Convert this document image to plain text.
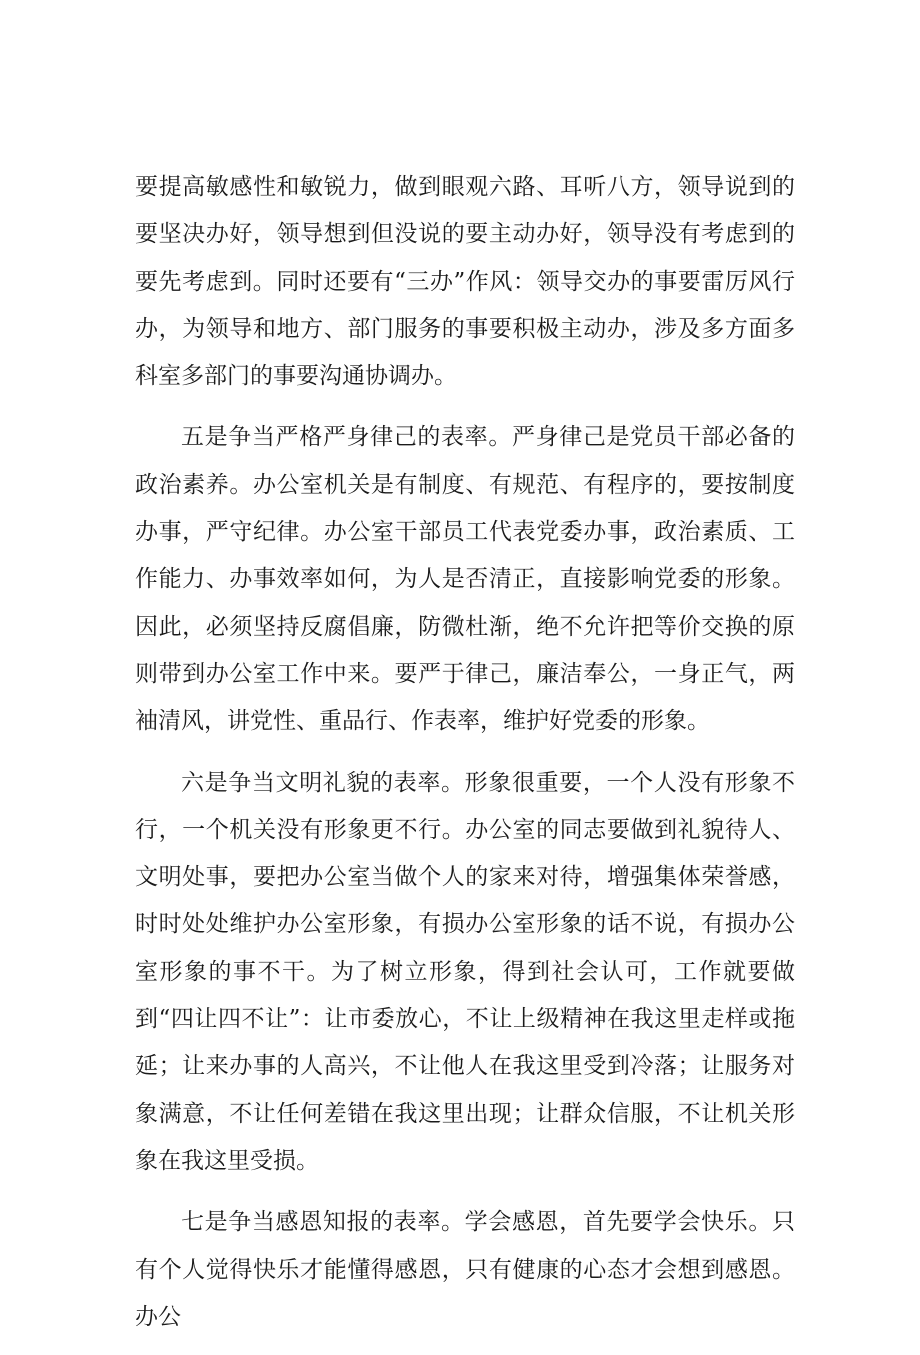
要提高敏感性和敏锐力，做到眼观六路、耳听八方，领导说到的要坚决办好，领导想到但没说的要主动办好，领导没有考虑到的要先考虑到。同时还要有“三办”作风：领导交办的事要雷厉风行办，为领导和地方、部门服务的事要积极主动办，涉及多方面多科室多部门的事要沟通协调办。

五是争当严格严身律己的表率。严身律己是党员干部必备的政治素养。办公室机关是有制度、有规范、有程序的，要按制度办事，严守纪律。办公室干部员工代表党委办事，政治素质、工作能力、办事效率如何，为人是否清正，直接影响党委的形象。因此，必须坚持反腐倡廉，防微杜渐，绝不允许把等价交换的原则带到办公室工作中来。要严于律己，廉洁奉公，一身正气，两袖清风，讲党性、重品行、作表率，维护好党委的形象。

六是争当文明礼貌的表率。形象很重要，一个人没有形象不行，一个机关没有形象更不行。办公室的同志要做到礼貌待人、文明处事，要把办公室当做个人的家来对待，增强集体荣誉感，时时处处维护办公室形象，有损办公室形象的话不说，有损办公室形象的事不干。为了树立形象，得到社会认可，工作就要做到“四让四不让”：让市委放心，不让上级精神在我这里走样或拖延；让来办事的人高兴，不让他人在我这里受到冷落；让服务对象满意，不让任何差错在我这里出现；让群众信服，不让机关形象在我这里受损。

七是争当感恩知报的表率。学会感恩，首先要学会快乐。只有个人觉得快乐才能懂得感恩，只有健康的心态才会想到感恩。办公
